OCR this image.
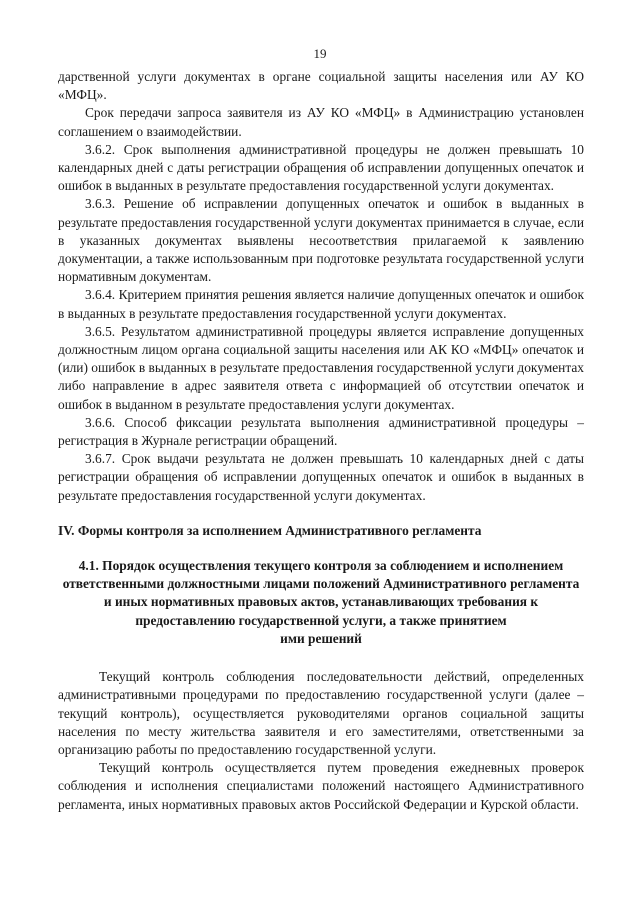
19

дарственной услуги документах в органе социальной защиты населения или АУ КО «МФЦ».

Срок передачи запроса заявителя из АУ КО «МФЦ» в Администрацию установлен соглашением о взаимодействии.

3.6.2. Срок выполнения административной процедуры не должен превышать 10 календарных дней с даты регистрации обращения об исправлении допущенных опечаток и ошибок в выданных в результате предоставления государственной услуги документах.

3.6.3. Решение об исправлении допущенных опечаток и ошибок в выданных в результате предоставления государственной услуги документах принимается в случае, если в указанных документах выявлены несоответствия прилагаемой к заявлению документации, а также использованным при подготовке результата государственной услуги нормативным документам.

3.6.4. Критерием принятия решения является наличие допущенных опечаток и ошибок в выданных в результате предоставления государственной услуги документах.

3.6.5. Результатом административной процедуры является исправление допущенных должностным лицом органа социальной защиты населения или АК КО «МФЦ» опечаток и (или) ошибок в выданных в результате предоставления государственной услуги документах либо направление в адрес заявителя ответа с информацией об отсутствии опечаток и ошибок в выданном в результате предоставления услуги документах.

3.6.6. Способ фиксации результата выполнения административной процедуры – регистрация в Журнале регистрации обращений.

3.6.7. Срок выдачи результата не должен превышать 10 календарных дней с даты регистрации обращения об исправлении допущенных опечаток и ошибок в выданных в результате предоставления государственной услуги документах.

IV. Формы контроля за исполнением Административного регламента

4.1. Порядок осуществления текущего контроля за соблюдением и исполнением ответственными должностными лицами положений Административного регламента и иных нормативных правовых актов, устанавливающих требования к предоставлению государственной услуги, а также принятием

ими решений

Текущий контроль соблюдения последовательности действий, определенных административными процедурами по предоставлению государственной услуги (далее – текущий контроль), осуществляется руководителями органов социальной защиты населения по месту жительства заявителя и его заместителями, ответственными за организацию работы по предоставлению государственной услуги.

Текущий контроль осуществляется путем проведения ежедневных проверок соблюдения и исполнения специалистами положений настоящего Административного регламента, иных нормативных правовых актов Российской Федерации и Курской области.
